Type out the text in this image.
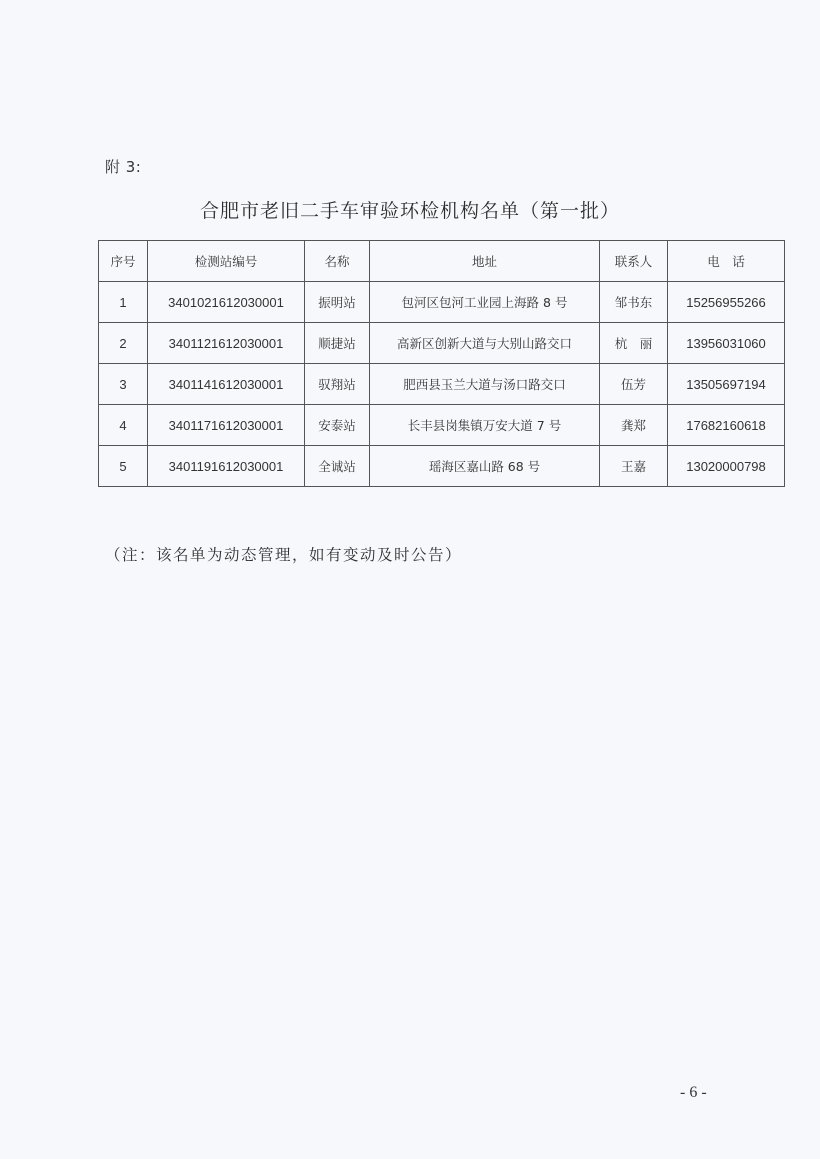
附 3:
合肥市老旧二手车审验环检机构名单（第一批）
序号	检测站编号	名称	地址	联系人	电　话
1	3401021612030001	振明站	包河区包河工业园上海路 8 号	邹书东	15256955266
2	3401121612030001	顺捷站	高新区创新大道与大别山路交口	杭　丽	13956031060
3	3401141612030001	驭翔站	肥西县玉兰大道与汤口路交口	伍芳	13505697194
4	3401171612030001	安泰站	长丰县岗集镇万安大道 7 号	龚郑	17682160618
5	3401191612030001	全诚站	瑶海区嘉山路 68 号	王嘉	13020000798
（注：该名单为动态管理，如有变动及时公告）
- 6 -
